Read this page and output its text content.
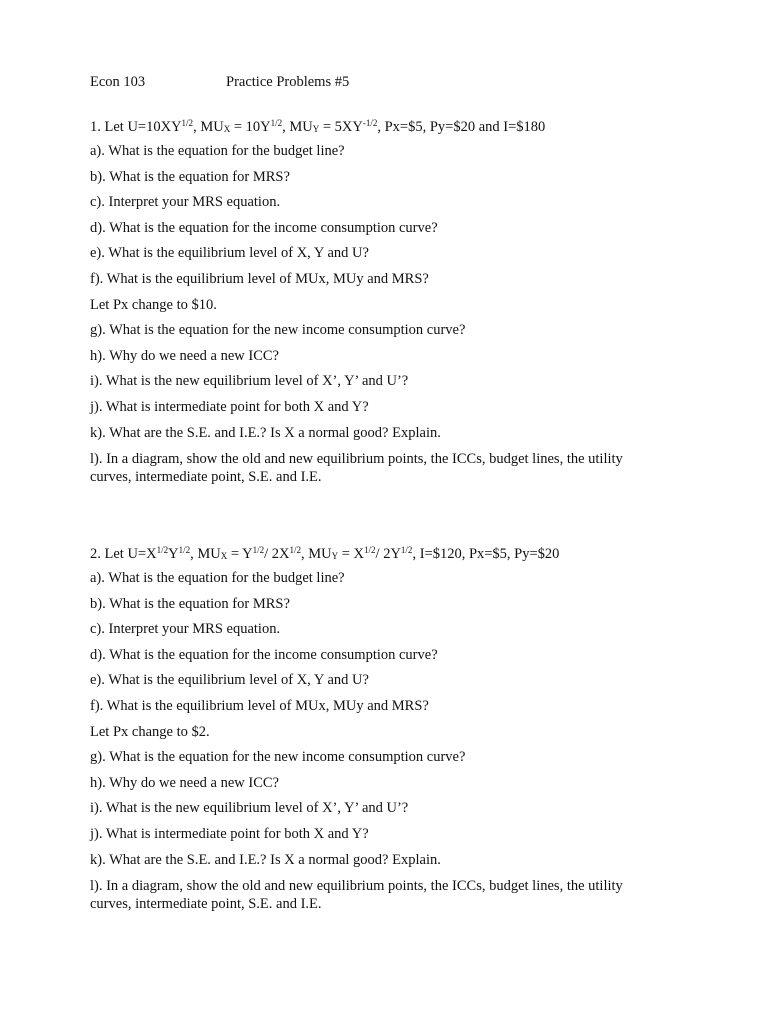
Econ 103	Practice Problems #5

1. Let $U=10XY^{1/2}$, $MU_X = 10Y^{1/2}$, $MU_Y = 5XY^{-1/2}$, Px=$5, Py=$20 and I=$180

a). What is the equation for the budget line?

b). What is the equation for MRS?

c). Interpret your MRS equation.

d). What is the equation for the income consumption curve?

e). What is the equilibrium level of X, Y and U?

f). What is the equilibrium level of MUx, MUy and MRS?

Let Px change to $10.

g). What is the equation for the new income consumption curve?

h). Why do we need a new ICC?

i). What is the new equilibrium level of X’, Y’ and U’?

j). What is intermediate point for both X and Y?

k). What are the S.E. and I.E.? Is X a normal good? Explain.

l). In a diagram, show the old and new equilibrium points, the ICCs, budget lines, the utility curves, intermediate point, S.E. and I.E.

2. Let $U=X^{1/2}Y^{1/2}$, $MU_X = Y^{1/2}/$ $2X^{1/2}$, $MU_Y = X^{1/2}/$ $2Y^{1/2}$, I=$120, Px=$5, Py=$20

a). What is the equation for the budget line?

b). What is the equation for MRS?

c). Interpret your MRS equation.

d). What is the equation for the income consumption curve?

e). What is the equilibrium level of X, Y and U?

f). What is the equilibrium level of MUx, MUy and MRS?

Let Px change to $2.

g). What is the equation for the new income consumption curve?

h). Why do we need a new ICC?

i). What is the new equilibrium level of X’, Y’ and U’?

j). What is intermediate point for both X and Y?

k). What are the S.E. and I.E.? Is X a normal good? Explain.

l). In a diagram, show the old and new equilibrium points, the ICCs, budget lines, the utility curves, intermediate point, S.E. and I.E.
